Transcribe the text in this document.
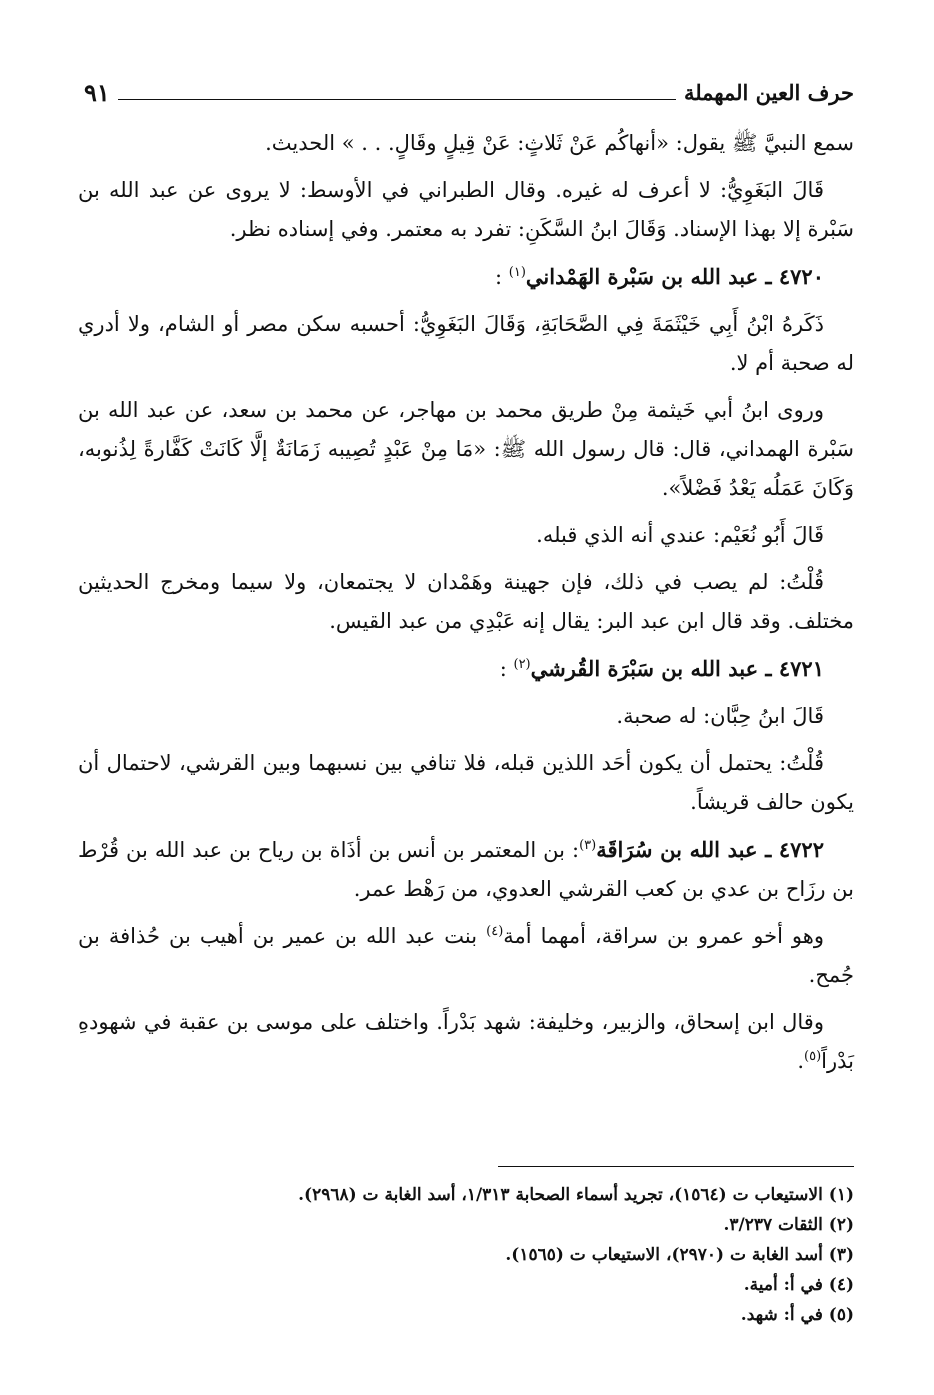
حرف العين المهملة
٩١

سمع النبيَّ ﷺ يقول: «أنهاكُم عَنْ ثَلاثٍ: عَنْ قِيلٍ وقَالٍ. . . » الحديث.

قَالَ البَغَوِيُّ: لا أعرف له غيره. وقال الطبراني في الأوسط: لا يروى عن عبد الله بن سَبْرة إلا بهذا الإسناد. وَقَالَ ابنُ السَّكَنِ: تفرد به معتمر. وفي إسناده نظر.

٤٧٢٠ ـ عبد الله بن سَبْرة الهَمْداني$^{(١)}$ :

ذَكَرهُ ابْنُ أَبِي خَيْثَمَةَ فِي الصَّحَابَةِ، وَقَالَ البَغَوِيُّ: أحسبه سكن مصر أو الشام، ولا أدري له صحبة أم لا.

وروى ابنُ أبي خَيثمة مِنْ طريق محمد بن مهاجر، عن محمد بن سعد، عن عبد الله بن سَبْرة الهمداني، قال: قال رسول الله ﷺ: «مَا مِنْ عَبْدٍ تُصِيبه زَمَانَةٌ إلَّا كَانَتْ كَفَّارةً لِذُنوبه، وَكَانَ عَمَلُه يَعْدُ فَضْلاً».

قَالَ أَبُو نُعَيْم: عندي أنه الذي قبله.

قُلْتُ: لم يصب في ذلك، فإن جهينة وهَمْدان لا يجتمعان، ولا سيما ومخرج الحديثين مختلف. وقد قال ابن عبد البر: يقال إنه عَبْدِي من عبد القيس.

٤٧٢١ ـ عبد الله بن سَبْرَة القُرشي$^{(٢)}$ :

قَالَ ابنُ حِبَّان: له صحبة.

قُلْتُ: يحتمل أن يكون أحَد اللذين قبله، فلا تنافي بين نسبهما وبين القرشي، لاحتمال أن يكون حالف قريشاً.

٤٧٢٢ ـ عبد الله بن سُرَاقَة$^{(٣)}$: بن المعتمر بن أنس بن أذَاة بن رياح بن عبد الله بن قُرْط بن رزَاح بن عدي بن كعب القرشي العدوي، من رَهْط عمر.

وهو أخو عمرو بن سراقة، أمهما أمة$^{(٤)}$ بنت عبد الله بن عمير بن أهيب بن حُذافة بن جُمح.

وقال ابن إسحاق، والزبير، وخليفة: شهد بَدْراً. واختلف على موسى بن عقبة في شهودهِ بَدْراً$^{(٥)}$.

(١) الاستيعاب ت (١٥٦٤)، تجريد أسماء الصحابة ١/٣١٣، أسد الغابة ت (٢٩٦٨).

(٢) الثقات ٣/٢٣٧.

(٣) أسد الغابة ت (٢٩٧٠)، الاستيعاب ت (١٥٦٥).

(٤) في أ: أمية.

(٥) في أ: شهد.
